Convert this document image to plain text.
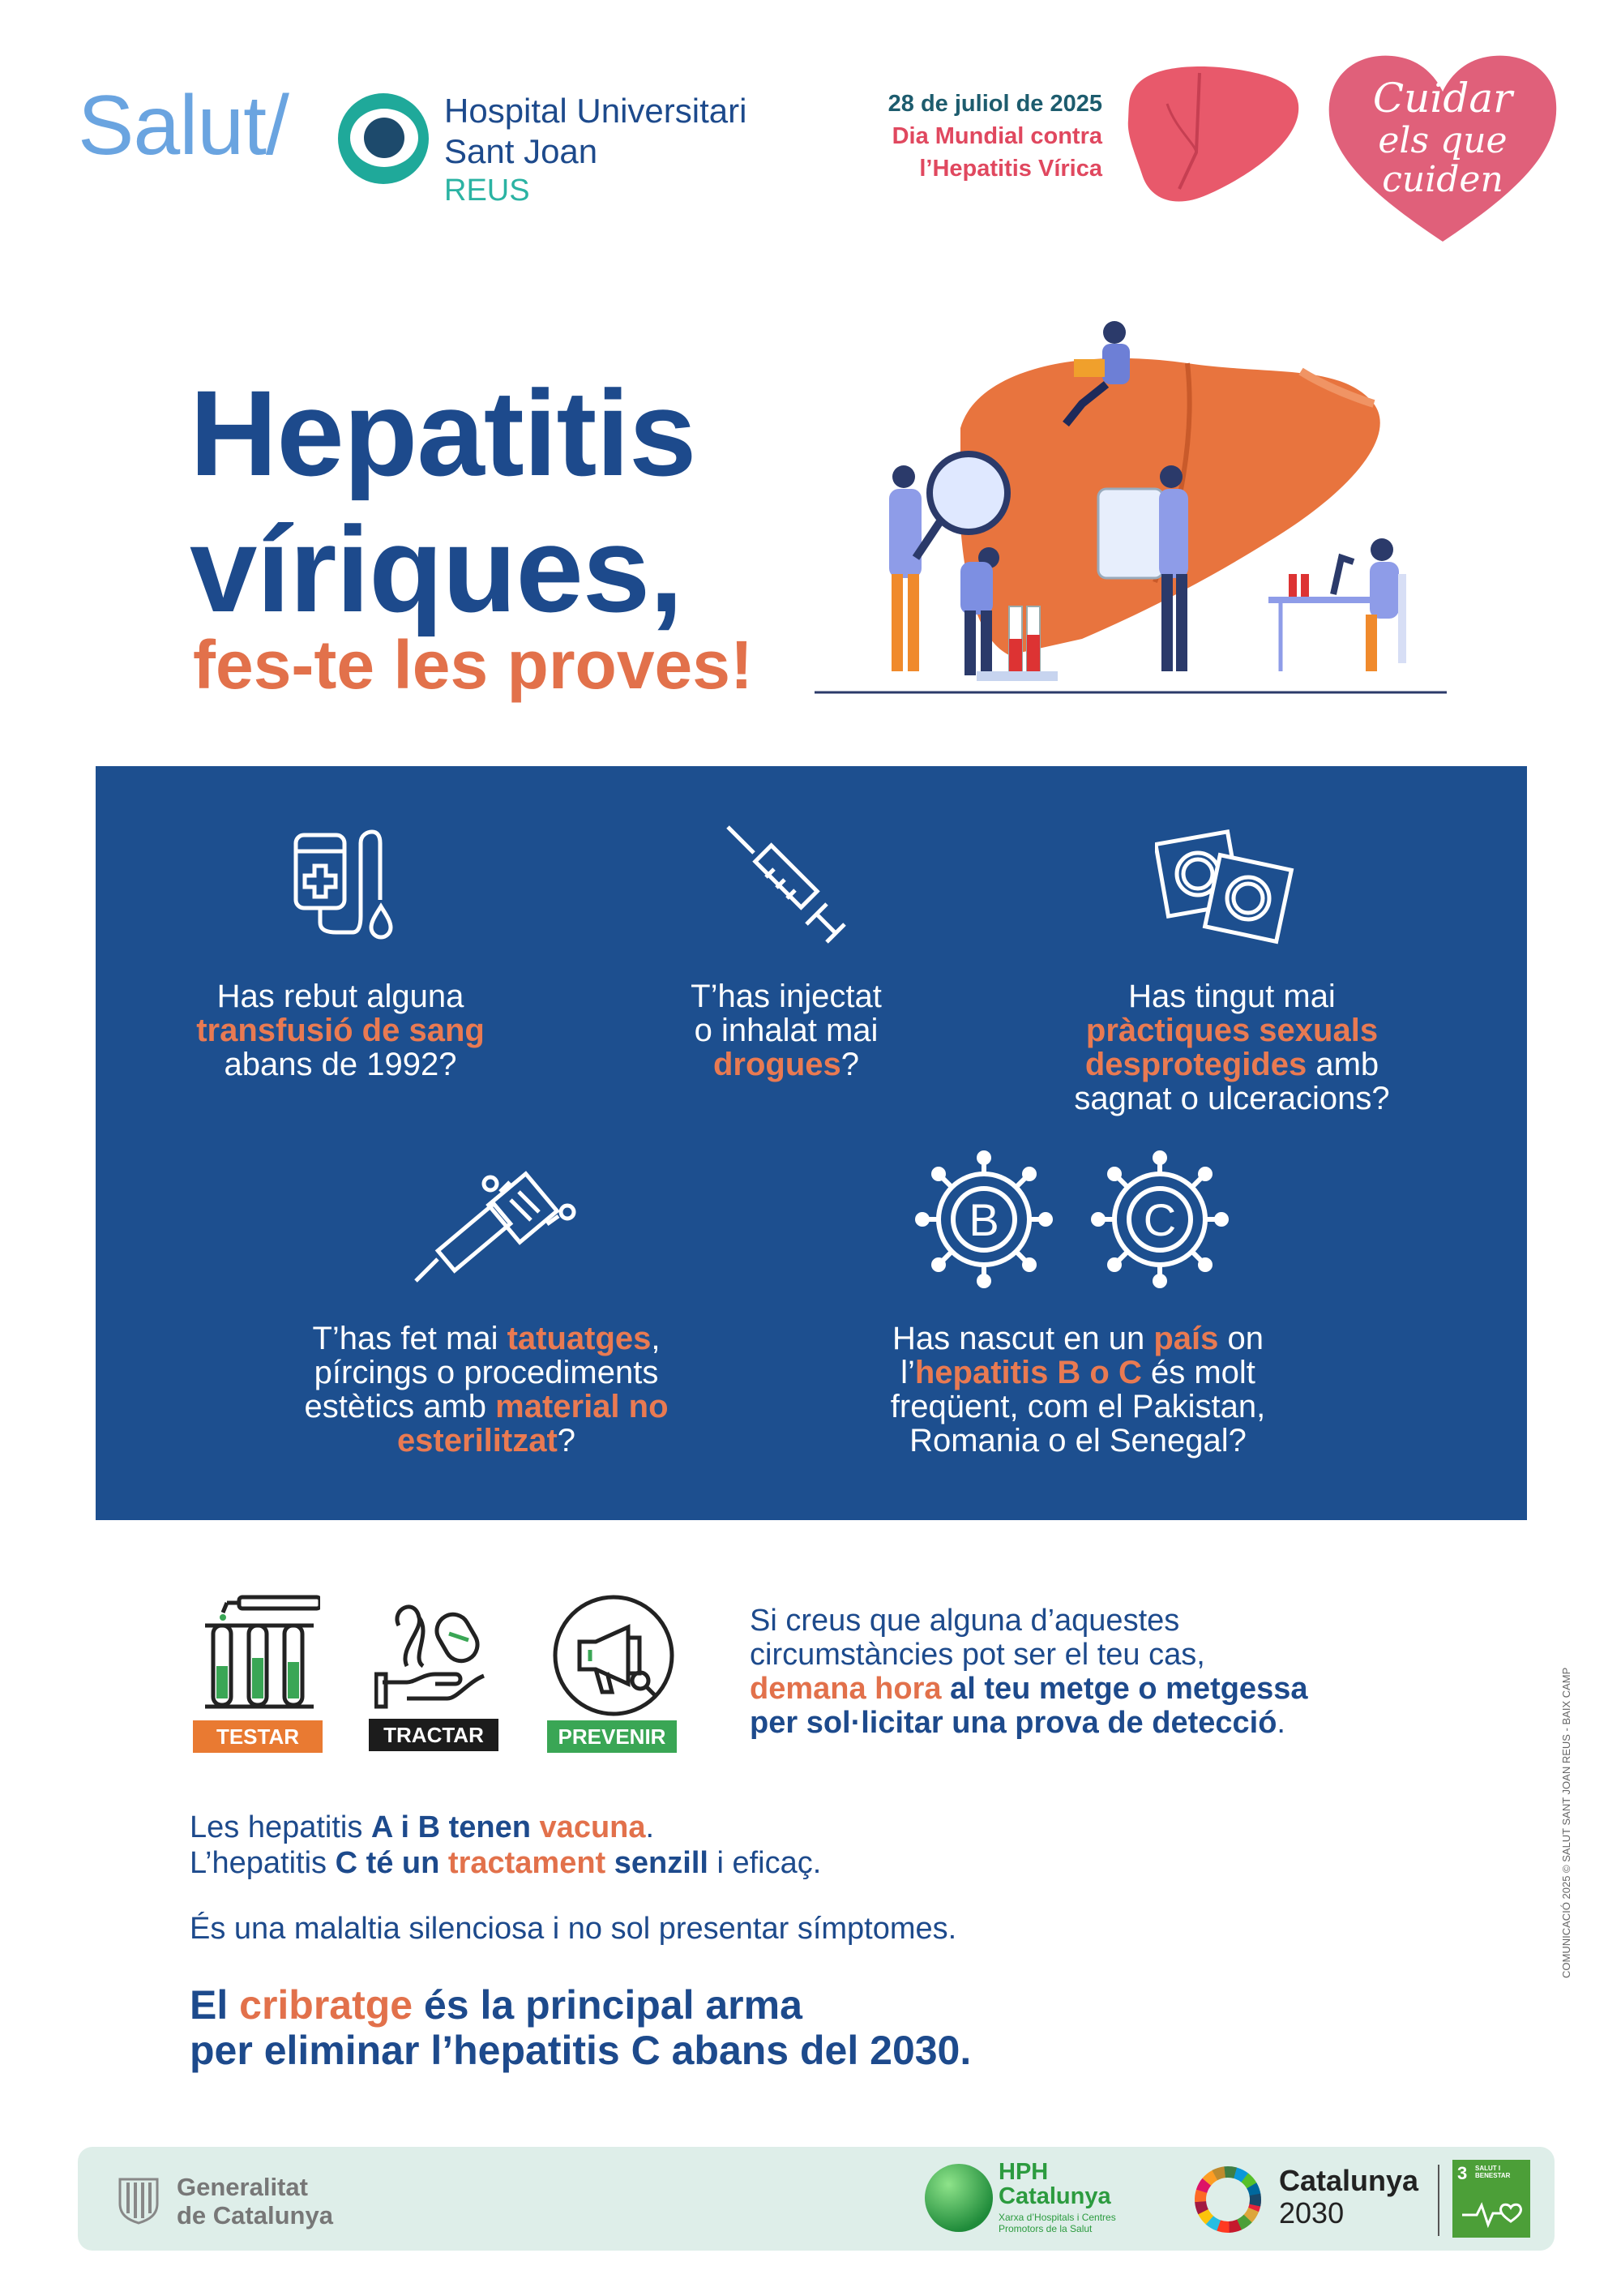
Salut/	Hospital Universitari
Sant Joan
REUS
28 de juliol de 2025
Dia Mundial contra
l’Hepatitis Vírica
Cuidar
els que
cuiden
Hepatitis
víriques,
fes-te les proves!
Has rebut alguna
transfusió de sang
abans de 1992?
T’has injectat
o inhalat mai
drogues?
Has tingut mai
pràctiques sexuals
desprotegides amb
sagnat o ulceracions?
T’has fet mai tatuatges,
pírcings o procediments
estètics amb material no
esterilitzat?
B	C
Has nascut en un país on
l’hepatitis B o C és molt
freqüent, com el Pakistan,
Romania o el Senegal?
TESTAR	TRACTAR	PREVENIR
Si creus que alguna d’aquestes
circumstàncies pot ser el teu cas,
demana hora al teu metge o metgessa
per sol·licitar una prova de detecció.
Les hepatitis A i B tenen vacuna.
L’hepatitis C té un tractament senzill i eficaç.
És una malaltia silenciosa i no sol presentar símptomes.
El cribratge és la principal arma
per eliminar l’hepatitis C abans del 2030.
COMUNICACIÓ 2025 © SALUT SANT JOAN REUS - BAIX CAMP
Generalitat
de Catalunya
HPH
Catalunya
Xarxa d’Hospitals i Centres Promotors de la Salut
Catalunya
2030
3 SALUT I BENESTAR
